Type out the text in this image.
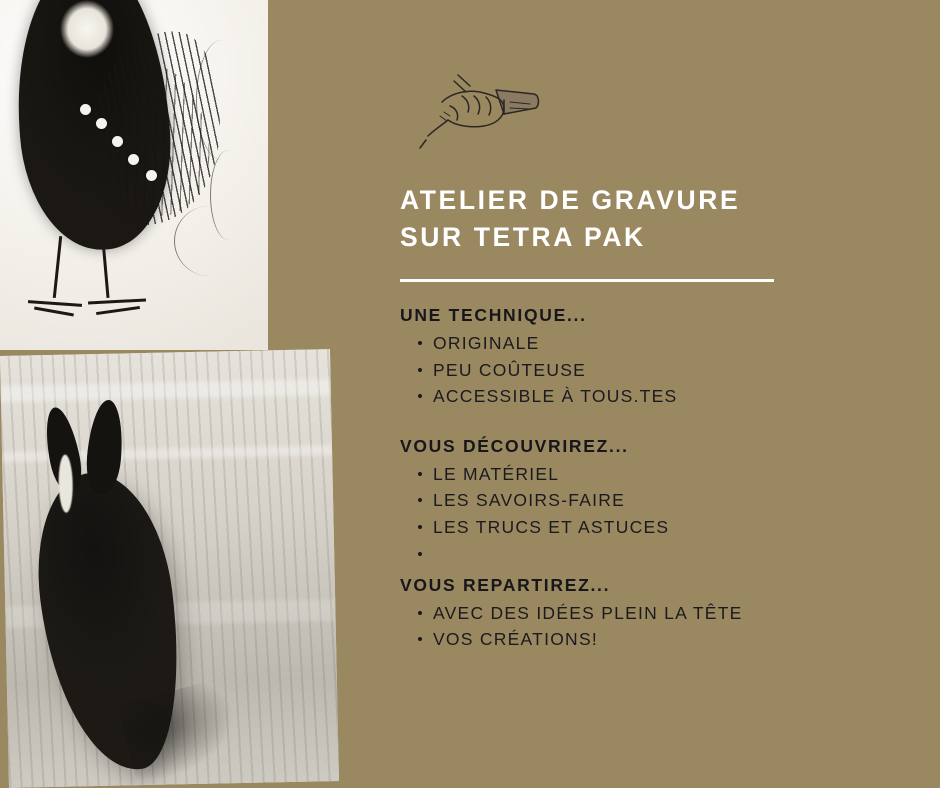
ATELIER DE GRAVURE
SUR TETRA PAK

UNE TECHNIQUE...

ORIGINALE
PEU COÛTEUSE
ACCESSIBLE À TOUS.TES

VOUS DÉCOUVRIREZ...

LE MATÉRIEL
LES SAVOIRS-FAIRE
LES TRUCS ET ASTUCES

VOUS REPARTIREZ...

AVEC DES IDÉES PLEIN LA TÊTE
VOS CRÉATIONS!
